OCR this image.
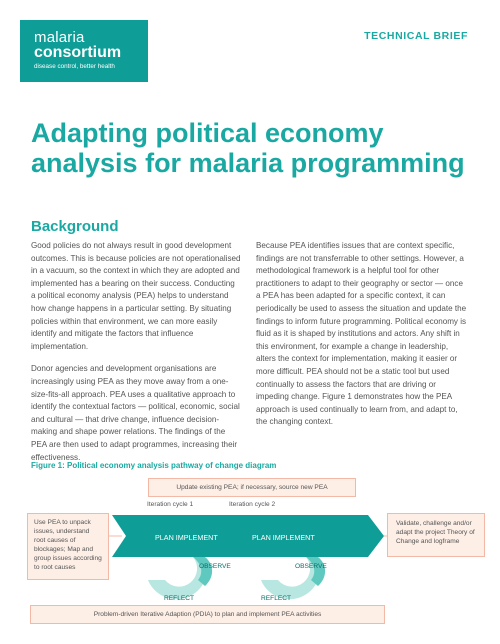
malaria
consortium
disease control, better health
TECHNICAL BRIEF
Adapting political economy analysis for malaria programming
Background

Good policies do not always result in good development outcomes. This is because policies are not operationalised in a vacuum, so the context in which they are adopted and implemented has a bearing on their success. Conducting a political economy analysis (PEA) helps to understand how change happens in a particular setting. By situating policies within that environment, we can more easily identify and mitigate the factors that influence implementation.

Donor agencies and development organisations are increasingly using PEA as they move away from a one-size-fits-all approach. PEA uses a qualitative approach to identify the contextual factors — political, economic, social and cultural — that drive change, influence decision-making and shape power relations. The findings of the PEA are then used to adapt programmes, increasing their effectiveness.

Because PEA identifies issues that are context specific, findings are not transferrable to other settings. However, a methodological framework is a helpful tool for other practitioners to adapt to their geography or sector — once a PEA has been adapted for a specific context, it can periodically be used to assess the situation and update the findings to inform future programming. Political economy is fluid as it is shaped by institutions and actors. Any shift in this environment, for example a change in leadership, alters the context for implementation, making it easier or more difficult. PEA should not be a static tool but used continually to assess the factors that are driving or impeding change. Figure 1 demonstrates how the PEA approach is used continually to learn from, and adapt to, the changing context.

Figure 1: Political economy analysis pathway of change diagram
PLAN IMPLEMENT
OBSERVE
REFLECT
PLAN IMPLEMENT
OBSERVE
REFLECT
Update existing PEA; if necessary, source new PEA
Iteration cycle 1	Iteration cycle 2
Use PEA to unpack issues, understand root causes of blockages; Map and group issues according to root causes
Validate, challenge and/or adapt the project Theory of Change and logframe
Problem-driven Iterative Adaption (PDIA) to plan and implement PEA activities
